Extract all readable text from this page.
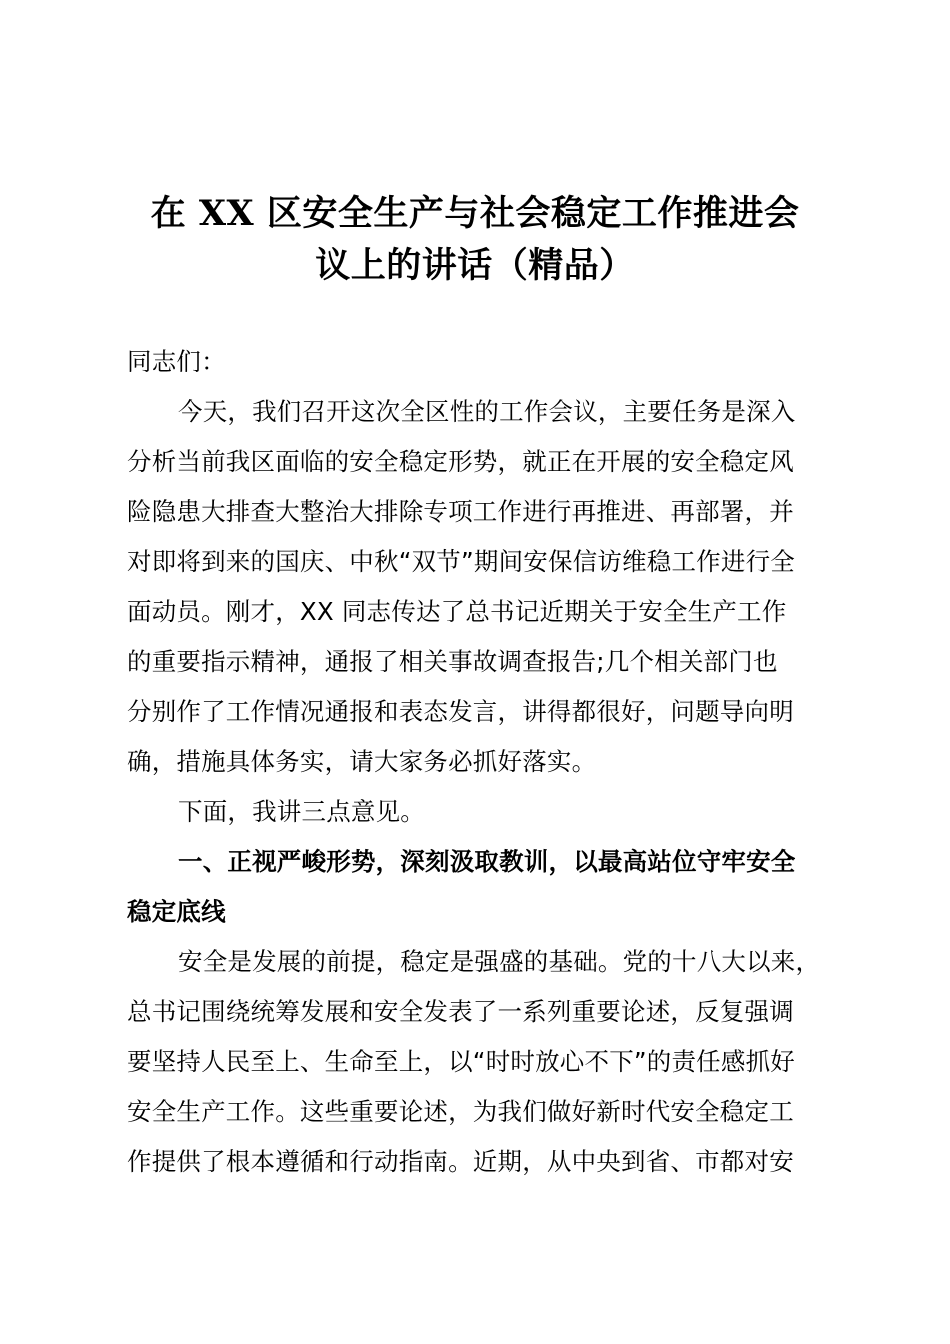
在 XX 区安全生产与社会稳定工作推进会
议上的讲话（精品）
同志们：
今天，我们召开这次全区性的工作会议，主要任务是深入
分析当前我区面临的安全稳定形势，就正在开展的安全稳定风
险隐患大排查大整治大排除专项工作进行再推进、再部署，并
对即将到来的国庆、中秋“双节”期间安保信访维稳工作进行全
面动员。刚才，XX 同志传达了总书记近期关于安全生产工作
的重要指示精神，通报了相关事故调查报告;几个相关部门也
分别作了工作情况通报和表态发言，讲得都很好，问题导向明
确，措施具体务实，请大家务必抓好落实。
下面，我讲三点意见。
一、正视严峻形势，深刻汲取教训，以最高站位守牢安全
稳定底线
安全是发展的前提，稳定是强盛的基础。党的十八大以来，
总书记围绕统筹发展和安全发表了一系列重要论述，反复强调
要坚持人民至上、生命至上，以“时时放心不下”的责任感抓好
安全生产工作。这些重要论述，为我们做好新时代安全稳定工
作提供了根本遵循和行动指南。近期，从中央到省、市都对安
